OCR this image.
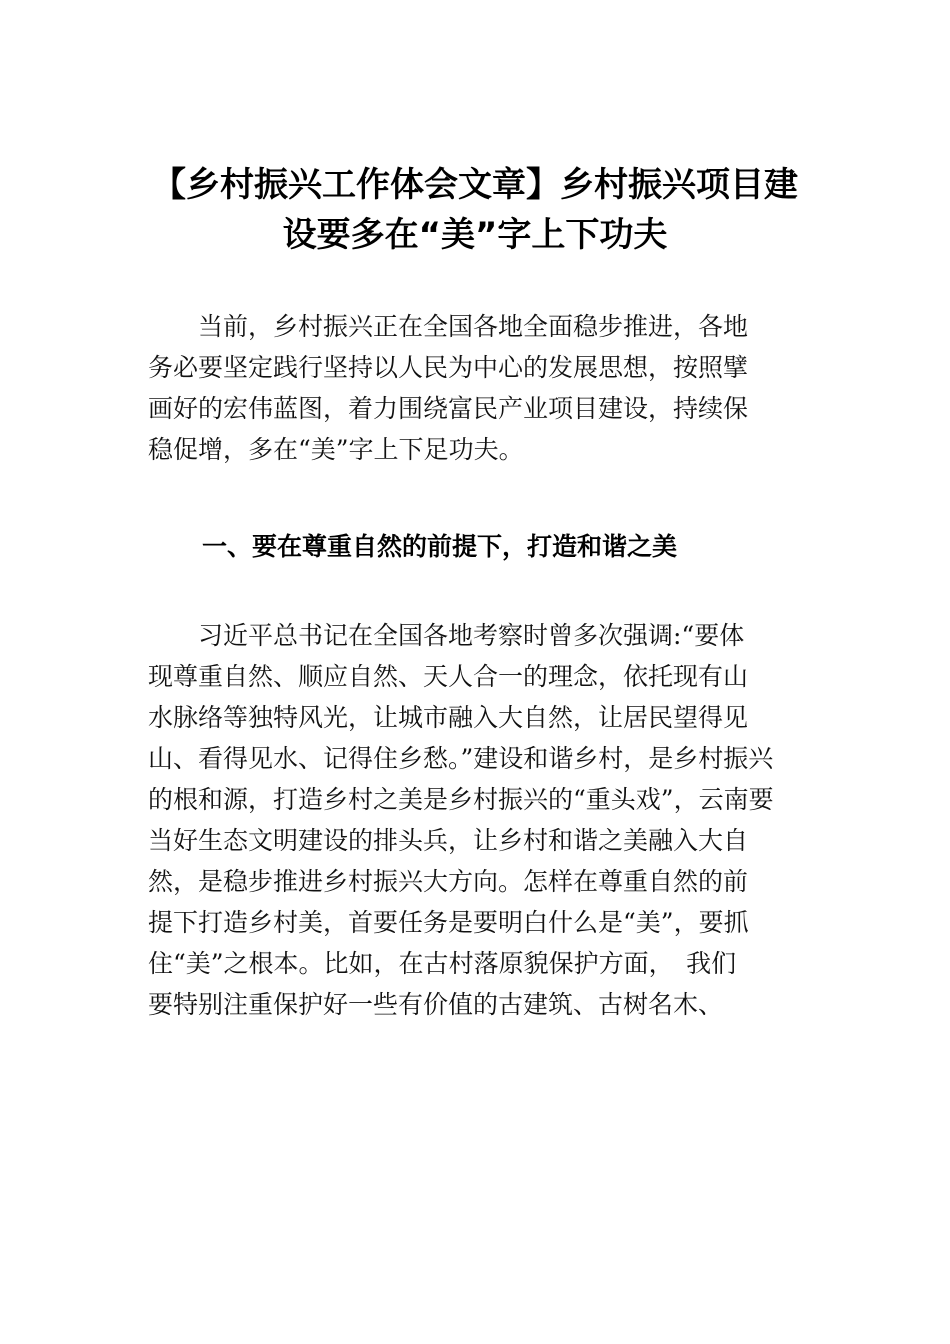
【乡村振兴工作体会文章】乡村振兴项目建
设要多在“美”字上下功夫
　　当前，乡村振兴正在全国各地全面稳步推进，各地
务必要坚定践行坚持以人民为中心的发展思想，按照擘
画好的宏伟蓝图，着力围绕富民产业项目建设，持续保
稳促增，多在“美”字上下足功夫。
一、要在尊重自然的前提下，打造和谐之美
　　习近平总书记在全国各地考察时曾多次强调:“要体
现尊重自然、顺应自然、天人合一的理念，依托现有山
水脉络等独特风光，让城市融入大自然，让居民望得见
山、看得见水、记得住乡愁。”建设和谐乡村，是乡村振兴
的根和源，打造乡村之美是乡村振兴的“重头戏”，云南要
当好生态文明建设的排头兵，让乡村和谐之美融入大自
然，是稳步推进乡村振兴大方向。怎样在尊重自然的前
提下打造乡村美，首要任务是要明白什么是“美”，要抓
住“美”之根本。比如，在古村落原貌保护方面，　我们
要特别注重保护好一些有价值的古建筑、古树名木、
